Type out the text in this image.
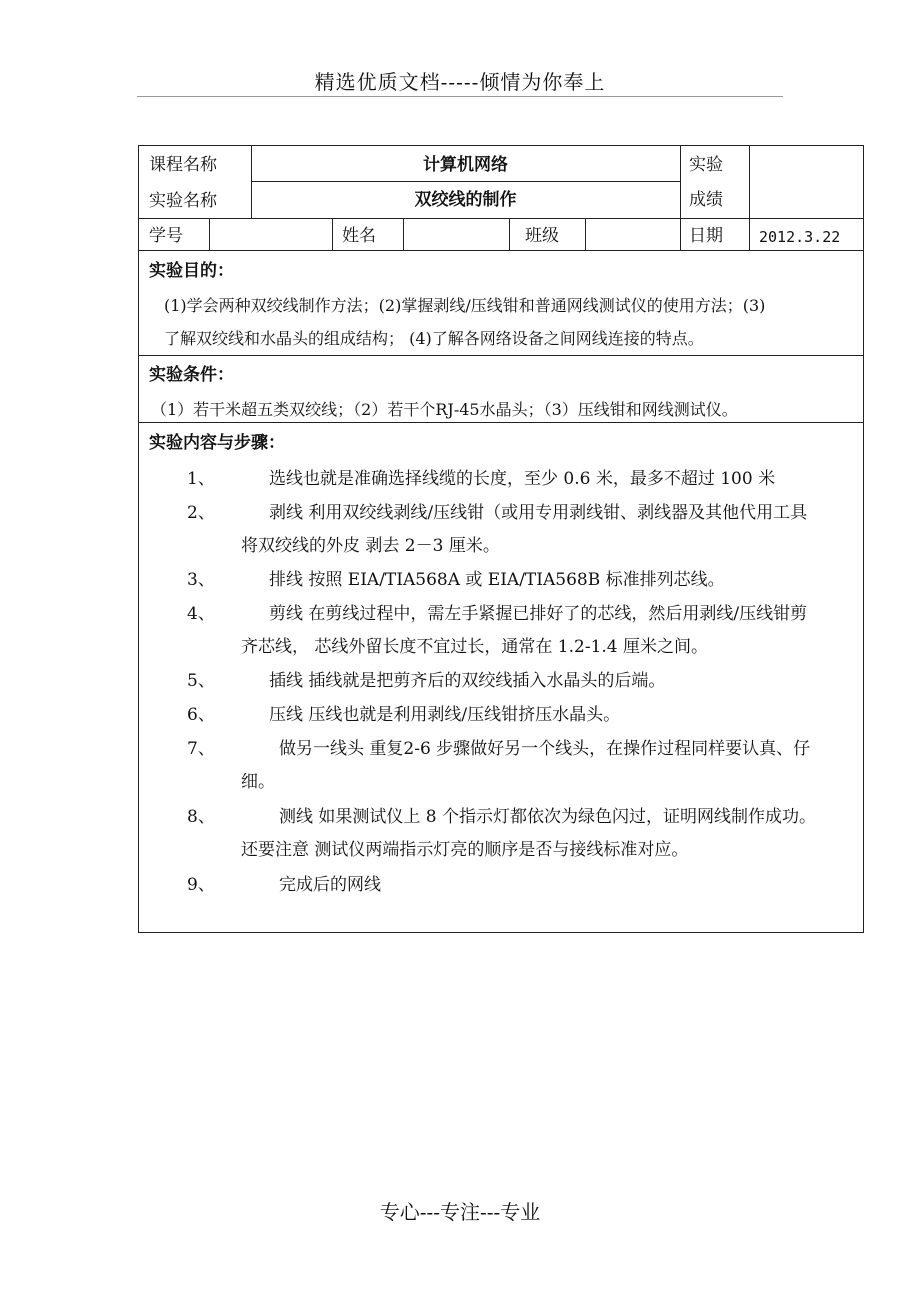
精选优质文档-----倾情为你奉上
课程名称	计算机网络	实验
实验名称	双绞线的制作	成绩
学号	姓名	班级	日期 2012.3.22
实验目的：
(1)学会两种双绞线制作方法；(2)掌握剥线/压线钳和普通网线测试仪的使用方法；(3)
了解双绞线和水晶头的组成结构； (4)了解各网络设备之间网线连接的特点。
实验条件：
（1）若干米超五类双绞线；（2）若干个RJ-45水晶头；（3）压线钳和网线测试仪。
实验内容与步骤：
1、	选线也就是准确选择线缆的长度，至少 0.6 米，最多不超过 100 米
2、	剥线 利用双绞线剥线/压线钳（或用专用剥线钳、剥线器及其他代用工具
将双绞线的外皮 剥去 2－3 厘米。
3、	排线 按照 EIA/TIA568A 或 EIA/TIA568B 标准排列芯线。
4、	剪线 在剪线过程中，需左手紧握已排好了的芯线，然后用剥线/压线钳剪
齐芯线， 芯线外留长度不宜过长，通常在 1.2-1.4 厘米之间。
5、	插线 插线就是把剪齐后的双绞线插入水晶头的后端。
6、	压线 压线也就是利用剥线/压线钳挤压水晶头。
7、	做另一线头 重复2-6 步骤做好另一个线头，在操作过程同样要认真、仔
细。
8、	测线 如果测试仪上 8 个指示灯都依次为绿色闪过，证明网线制作成功。
还要注意 测试仪两端指示灯亮的顺序是否与接线标准对应。
9、	完成后的网线
专心---专注---专业
